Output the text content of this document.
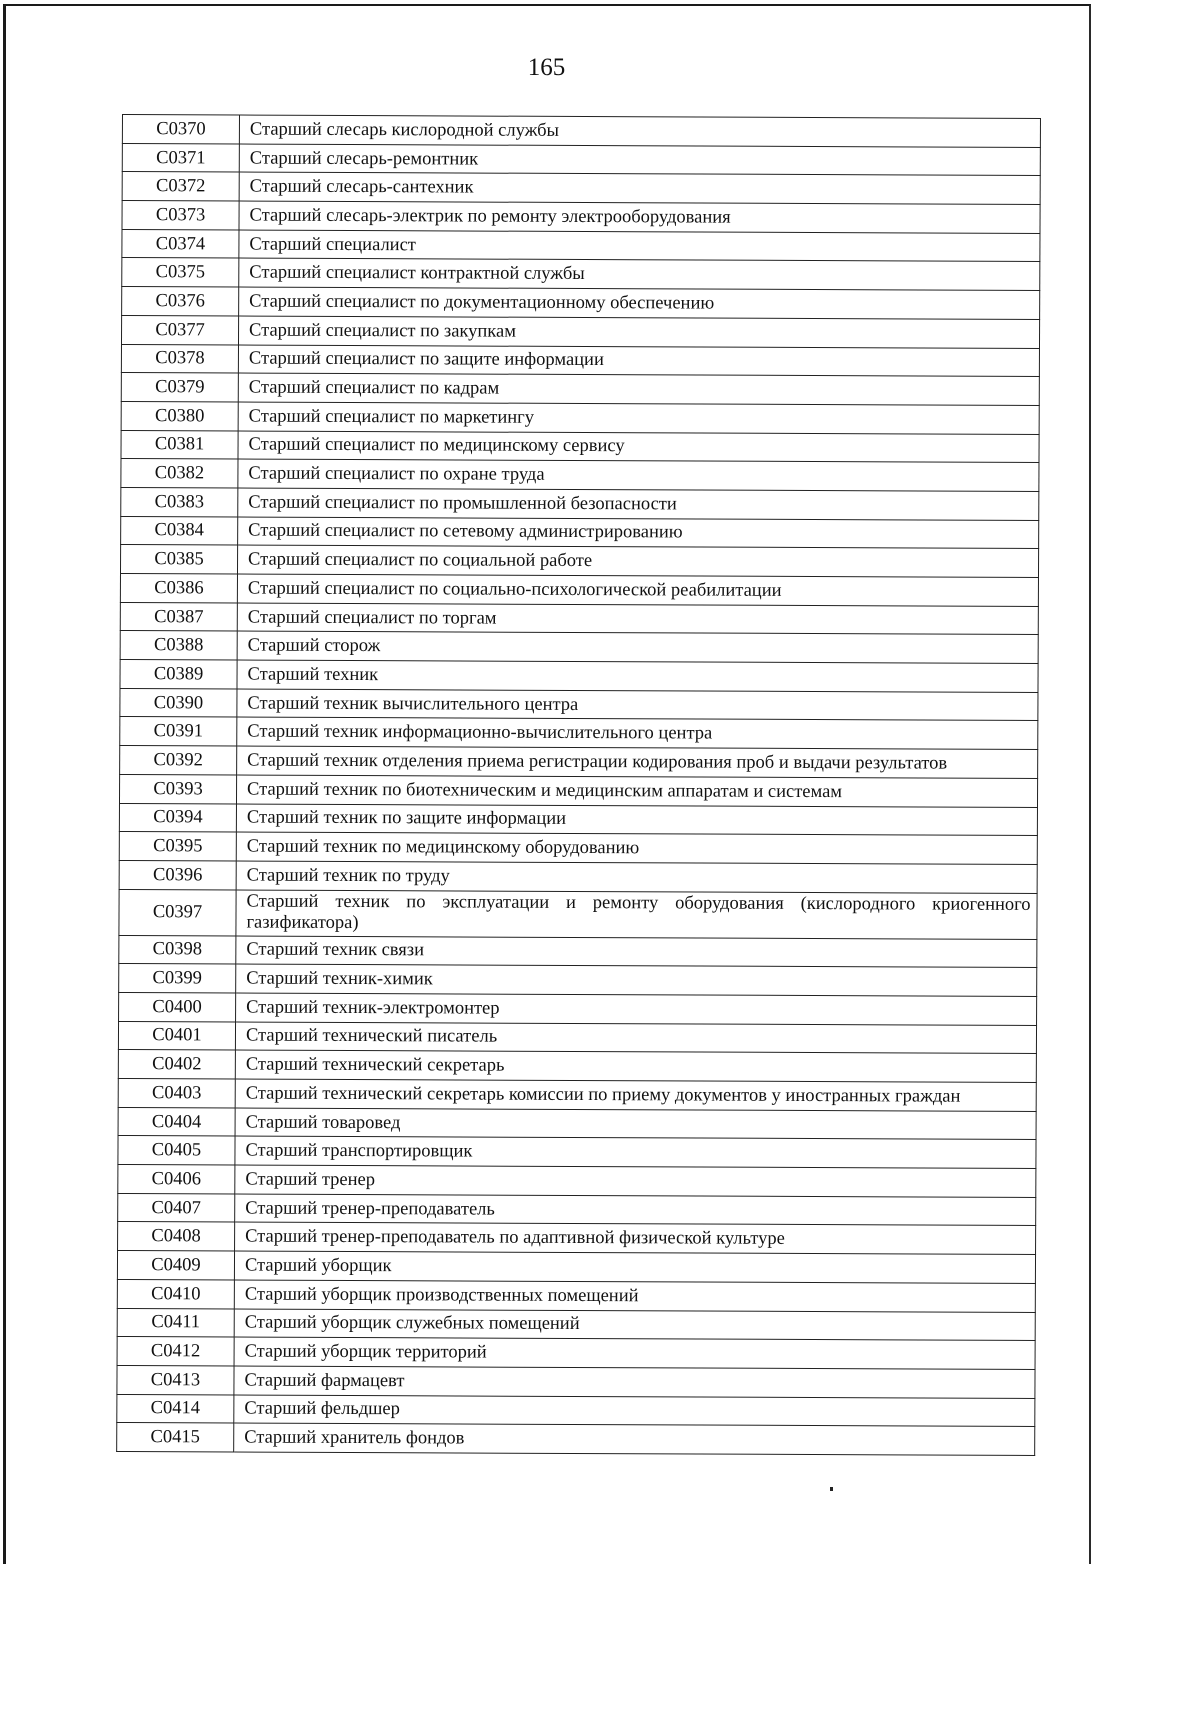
165
C0370	Старший слесарь кислородной службы
C0371	Старший слесарь-ремонтник
C0372	Старший слесарь-сантехник
C0373	Старший слесарь-электрик по ремонту электрооборудования
C0374	Старший специалист
C0375	Старший специалист контрактной службы
C0376	Старший специалист по документационному обеспечению
C0377	Старший специалист по закупкам
C0378	Старший специалист по защите информации
C0379	Старший специалист по кадрам
C0380	Старший специалист по маркетингу
C0381	Старший специалист по медицинскому сервису
C0382	Старший специалист по охране труда
C0383	Старший специалист по промышленной безопасности
C0384	Старший специалист по сетевому администрированию
C0385	Старший специалист по социальной работе
C0386	Старший специалист по социально-психологической реабилитации
C0387	Старший специалист по торгам
C0388	Старший сторож
C0389	Старший техник
C0390	Старший техник вычислительного центра
C0391	Старший техник информационно-вычислительного центра
C0392	Старший техник отделения приема регистрации кодирования проб и выдачи результатов
C0393	Старший техник по биотехническим и медицинским аппаратам и системам
C0394	Старший техник по защите информации
C0395	Старший техник по медицинскому оборудованию
C0396	Старший техник по труду
C0397	Старший техник по эксплуатации и ремонту оборудования (кислородного криогенного газификатора)
C0398	Старший техник связи
C0399	Старший техник-химик
C0400	Старший техник-электромонтер
C0401	Старший технический писатель
C0402	Старший технический секретарь
C0403	Старший технический секретарь комиссии по приему документов у иностранных граждан
C0404	Старший товаровед
C0405	Старший транспортировщик
C0406	Старший тренер
C0407	Старший тренер-преподаватель
C0408	Старший тренер-преподаватель по адаптивной физической культуре
C0409	Старший уборщик
C0410	Старший уборщик производственных помещений
C0411	Старший уборщик служебных помещений
C0412	Старший уборщик территорий
C0413	Старший фармацевт
C0414	Старший фельдшер
C0415	Старший хранитель фондов
